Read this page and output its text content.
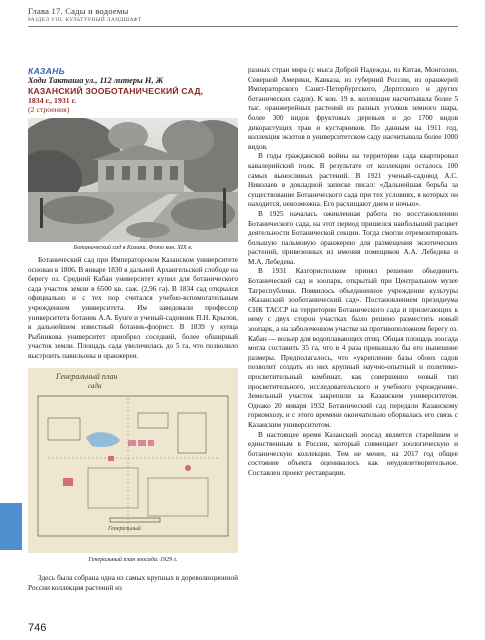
Глава 17. Сады и водоемы
РАЗДЕЛ VIII. КУЛЬТУРНЫЙ ЛАНДШАФТ
КАЗАНЬ
Ходи Такташа ул., 112 литеры Н, Ж
КАЗАНСКИЙ ЗООБОТАНИЧЕСКИЙ САД,
1834 г., 1931 г.
(2 строения)
Ботанический сад в Казани. Фото кон. XIX в.

Ботанический сад при Императорском Казанском университете основан в 1806. В январе 1830 в дальней Архангельской слободе на берегу оз. Средний Кабан университет купил для ботанического сада участок земли в 6500 кв. саж. (2,96 га). В 1834 сад открылся официально и с тех пор считался учебно-вспомогательным учреждением университета. Им заведовали профессор университета ботаник А.А. Бунге и ученый-садовник П.Н. Крылов, в дальнейшем известный ботаник-флорист. В 1839 у купца Рыбникова университет приобрел соседний, более обширный участок земли. Площадь сада увеличилась до 5 га, что позволило выстроить павильоны и оранжереи.

Генеральный план
сада
Генеральный
Генеральный план зоосада. 1929 г.

Здесь была собрана одна из самых крупных в дореволюционной России коллекция растений из

разных стран мира (с мыса Доброй Надежды, из Китая, Монголии, Северной Америки, Кавказа, из губерний России, из оранжерей Императорского Санкт-Петербургского, Дерптского и других ботанических садов). К кон. 19 в. коллекция насчитывала более 5 тыс. оранжерейных растений из разных уголков земного шара, более 300 видов фруктовых деревьев и до 1700 видов дикорастущих трав и кустарников. По данным на 1911 год, коллекция экзотов в университетском саду насчитывала более 1000 видов.

В годы гражданской войны на территории сада квартировал кавалерийский полк. В результате от коллекции осталось 100 самых выносливых растений. В 1921 ученый-садовод А.С. Николаев в докладной записке писал: «Дальнейшая борьба за существование Ботанического сада при тех условиях, в которых он находится, невозможна. Его расхищают днем и ночью».

В 1925 началась оживленная работа по восстановлению Ботанического сада, на этот период пришелся наибольший расцвет деятельности Ботанической секции. Тогда смогли отремонтировать большую пальмовую оранжерею для размещения экзотических растений, привезенных из имения помещиков А.А. Лебедева и М.А. Лебедева.

В 1931 Казгорисполком принял решение объединить Ботанический сад и зоопарк, открытый при Центральном музее Татреспублики. Появилось объединенное учреждение культуры «Казанский зооботанический сад». Постановлением президиума СНК ТАССР на территории Ботанического сада и прилегающих к нему с двух сторон участках было решено разместить новый зоопарк, а на заболоченном участке на противоположном берегу оз. Кабан — вольер для водоплавающих птиц. Общая площадь зоосада могла составить 35 га, что в 4 раза превышало бы его нынешние размеры. Предполагалось, что «укрепление базы обоих садов позволит создать из них крупный научно-опытный и политико-просветительный комбинат, как совершенно новый тип просветительного, исследовательского и учебного учреждения». Земельный участок закрепили за Казанским университетом. Однако 20 января 1932 Ботанический сад передали Казанскому горкомхозу, и с этого времени окончательно оборвалась его связь с Казанским университетом.

В настоящее время Казанский зоосад является старейшим и единственным в России, который совмещает зоологическую и ботаническую коллекции. Тем не менее, на 2017 год общее состояние объекта оценивалось как неудовлетворительное. Составлен проект реставрации.

746
